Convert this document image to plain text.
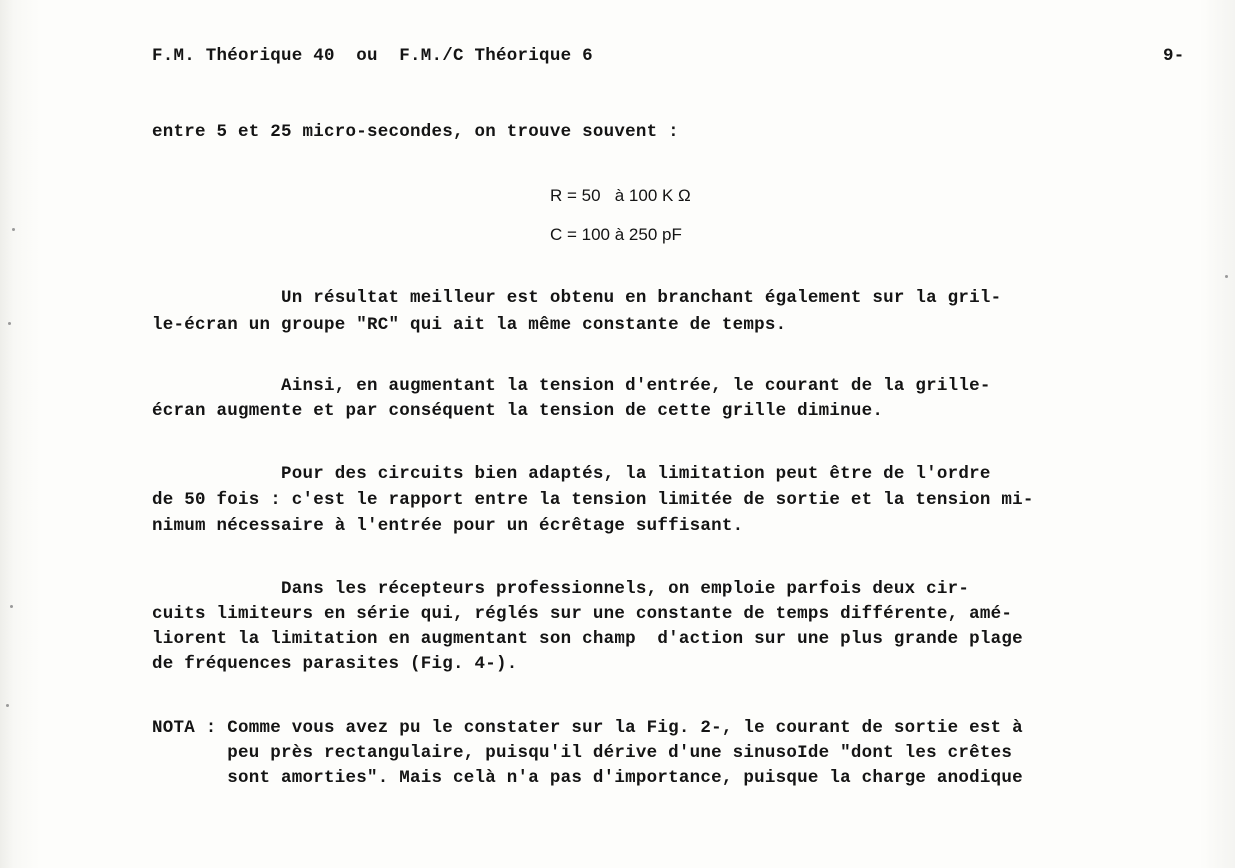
F.M. Théorique 40  ou  F.M./C Théorique 6	9-
entre 5 et 25 micro-secondes, on trouve souvent :
R = 50   à 100 K Ω
C = 100 à 250 pF
Un résultat meilleur est obtenu en branchant également sur la gril-
le-écran un groupe "RC" qui ait la même constante de temps.
Ainsi, en augmentant la tension d'entrée, le courant de la grille-
écran augmente et par conséquent la tension de cette grille diminue.
Pour des circuits bien adaptés, la limitation peut être de l'ordre
de 50 fois : c'est le rapport entre la tension limitée de sortie et la tension mi-
nimum nécessaire à l'entrée pour un écrêtage suffisant.
Dans les récepteurs professionnels, on emploie parfois deux cir-
cuits limiteurs en série qui, réglés sur une constante de temps différente, amé-
liorent la limitation en augmentant son champ  d'action sur une plus grande plage
de fréquences parasites (Fig. 4-).
NOTA : Comme vous avez pu le constater sur la Fig. 2-, le courant de sortie est à
peu près rectangulaire, puisqu'il dérive d'une sinusoIde "dont les crêtes
sont amorties". Mais celà n'a pas d'importance, puisque la charge anodique
